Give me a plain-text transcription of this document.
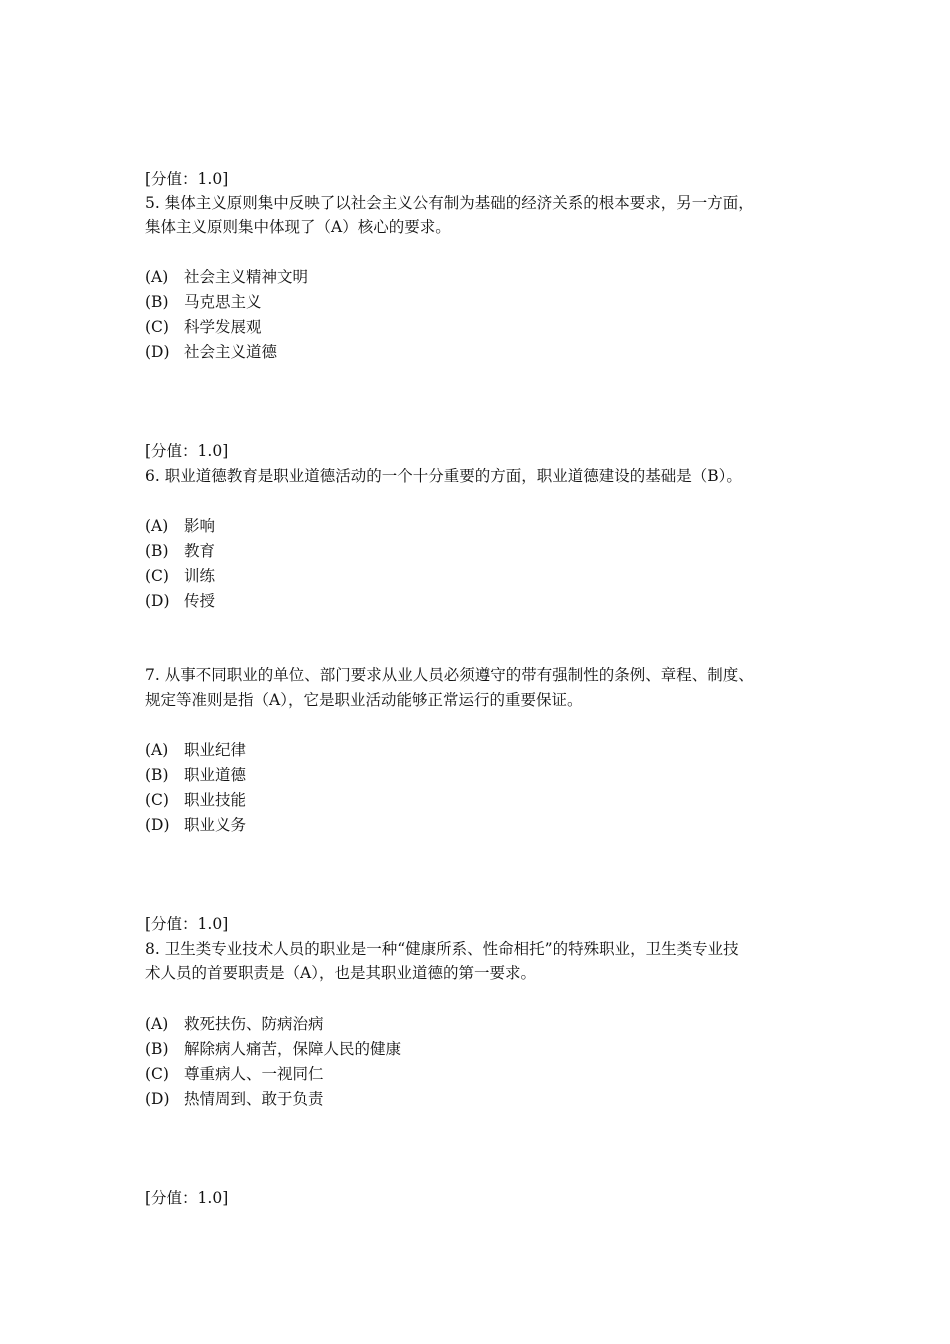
[分值：1.0]
5. 集体主义原则集中反映了以社会主义公有制为基础的经济关系的根本要求，另一方面，
集体主义原则集中体现了（A）核心的要求。
(A) 社会主义精神文明
(B) 马克思主义
(C) 科学发展观
(D) 社会主义道德
[分值：1.0]
6. 职业道德教育是职业道德活动的一个十分重要的方面，职业道德建设的基础是（B）。
(A) 影响
(B) 教育
(C) 训练
(D) 传授
7. 从事不同职业的单位、部门要求从业人员必须遵守的带有强制性的条例、章程、制度、
规定等准则是指（A），它是职业活动能够正常运行的重要保证。
(A) 职业纪律
(B) 职业道德
(C) 职业技能
(D) 职业义务
[分值：1.0]
8. 卫生类专业技术人员的职业是一种“健康所系、性命相托”的特殊职业，卫生类专业技
术人员的首要职责是（A），也是其职业道德的第一要求。
(A) 救死扶伤、防病治病
(B) 解除病人痛苦，保障人民的健康
(C) 尊重病人、一视同仁
(D) 热情周到、敢于负责
[分值：1.0]
